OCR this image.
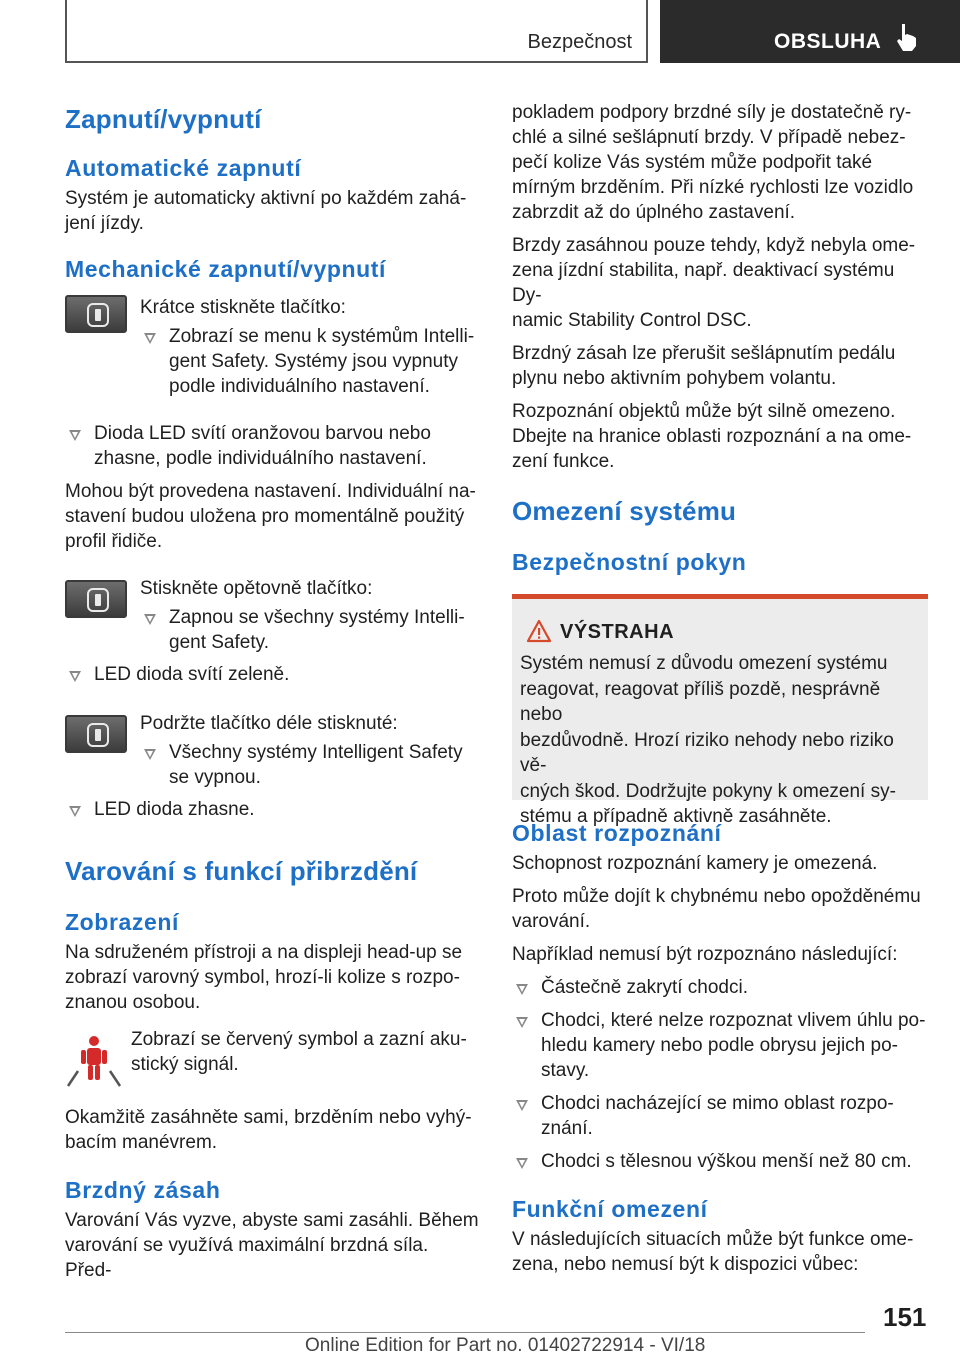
Bezpečnost	OBSLUHA
Zapnutí/vypnutí
Automatické zapnutí

Systém je automaticky aktivní po každém zahá-
jení jízdy.

Mechanické zapnutí/vypnutí

Krátce stiskněte tlačítko:

Zobrazí se menu k systémům Intelli-
gent Safety. Systémy jsou vypnuty
podle individuálního nastavení.
Dioda LED svítí oranžovou barvou nebo
zhasne, podle individuálního nastavení.

Mohou být provedena nastavení. Individuální na-
stavení budou uložena pro momentálně použitý
profil řidiče.

Stiskněte opětovně tlačítko:

Zapnou se všechny systémy Intelli-
gent Safety.
LED dioda svítí zeleně.

Podržte tlačítko déle stisknuté:

Všechny systémy Intelligent Safety
se vypnou.
LED dioda zhasne.
Varování s funkcí přibrzdění
Zobrazení

Na sdruženém přístroji a na displeji head-up se
zobrazí varovný symbol, hrozí-li kolize s rozpo-
znanou osobou.

Zobrazí se červený symbol a zazní aku-
stický signál.

Okamžitě zasáhněte sami, brzděním nebo vyhý-
bacím manévrem.

Brzdný zásah

Varování Vás vyzve, abyste sami zasáhli. Během
varování se využívá maximální brzdná síla. Před-

pokladem podpory brzdné síly je dostatečně ry-
chlé a silné sešlápnutí brzdy. V případě nebez-
pečí kolize Vás systém může podpořit také
mírným brzděním. Při nízké rychlosti lze vozidlo
zabrzdit až do úplného zastavení.

Brzdy zasáhnou pouze tehdy, když nebyla ome-
zena jízdní stabilita, např. deaktivací systému Dy-
namic Stability Control DSC.

Brzdný zásah lze přerušit sešlápnutím pedálu
plynu nebo aktivním pohybem volantu.

Rozpoznání objektů může být silně omezeno.
Dbejte na hranice oblasti rozpoznání a na ome-
zení funkce.

Omezení systému
Bezpečnostní pokyn
VÝSTRAHA

Systém nemusí z důvodu omezení systému
reagovat, reagovat příliš pozdě, nesprávně nebo
bezdůvodně. Hrozí riziko nehody nebo riziko vě-
cných škod. Dodržujte pokyny k omezení sy-
stému a případně aktivně zasáhněte.

Oblast rozpoznání

Schopnost rozpoznání kamery je omezená.

Proto může dojít k chybnému nebo opožděnému
varování.

Například nemusí být rozpoznáno následující:

Částečně zakrytí chodci.
Chodci, které nelze rozpoznat vlivem úhlu po-
hledu kamery nebo podle obrysu jejich po-
stavy.
Chodci nacházející se mimo oblast rozpo-
znání.
Chodci s tělesnou výškou menší než 80 cm.
Funkční omezení

V následujících situacích může být funkce ome-
zena, nebo nemusí být k dispozici vůbec:

151
Online Edition for Part no. 01402722914 - VI/18
